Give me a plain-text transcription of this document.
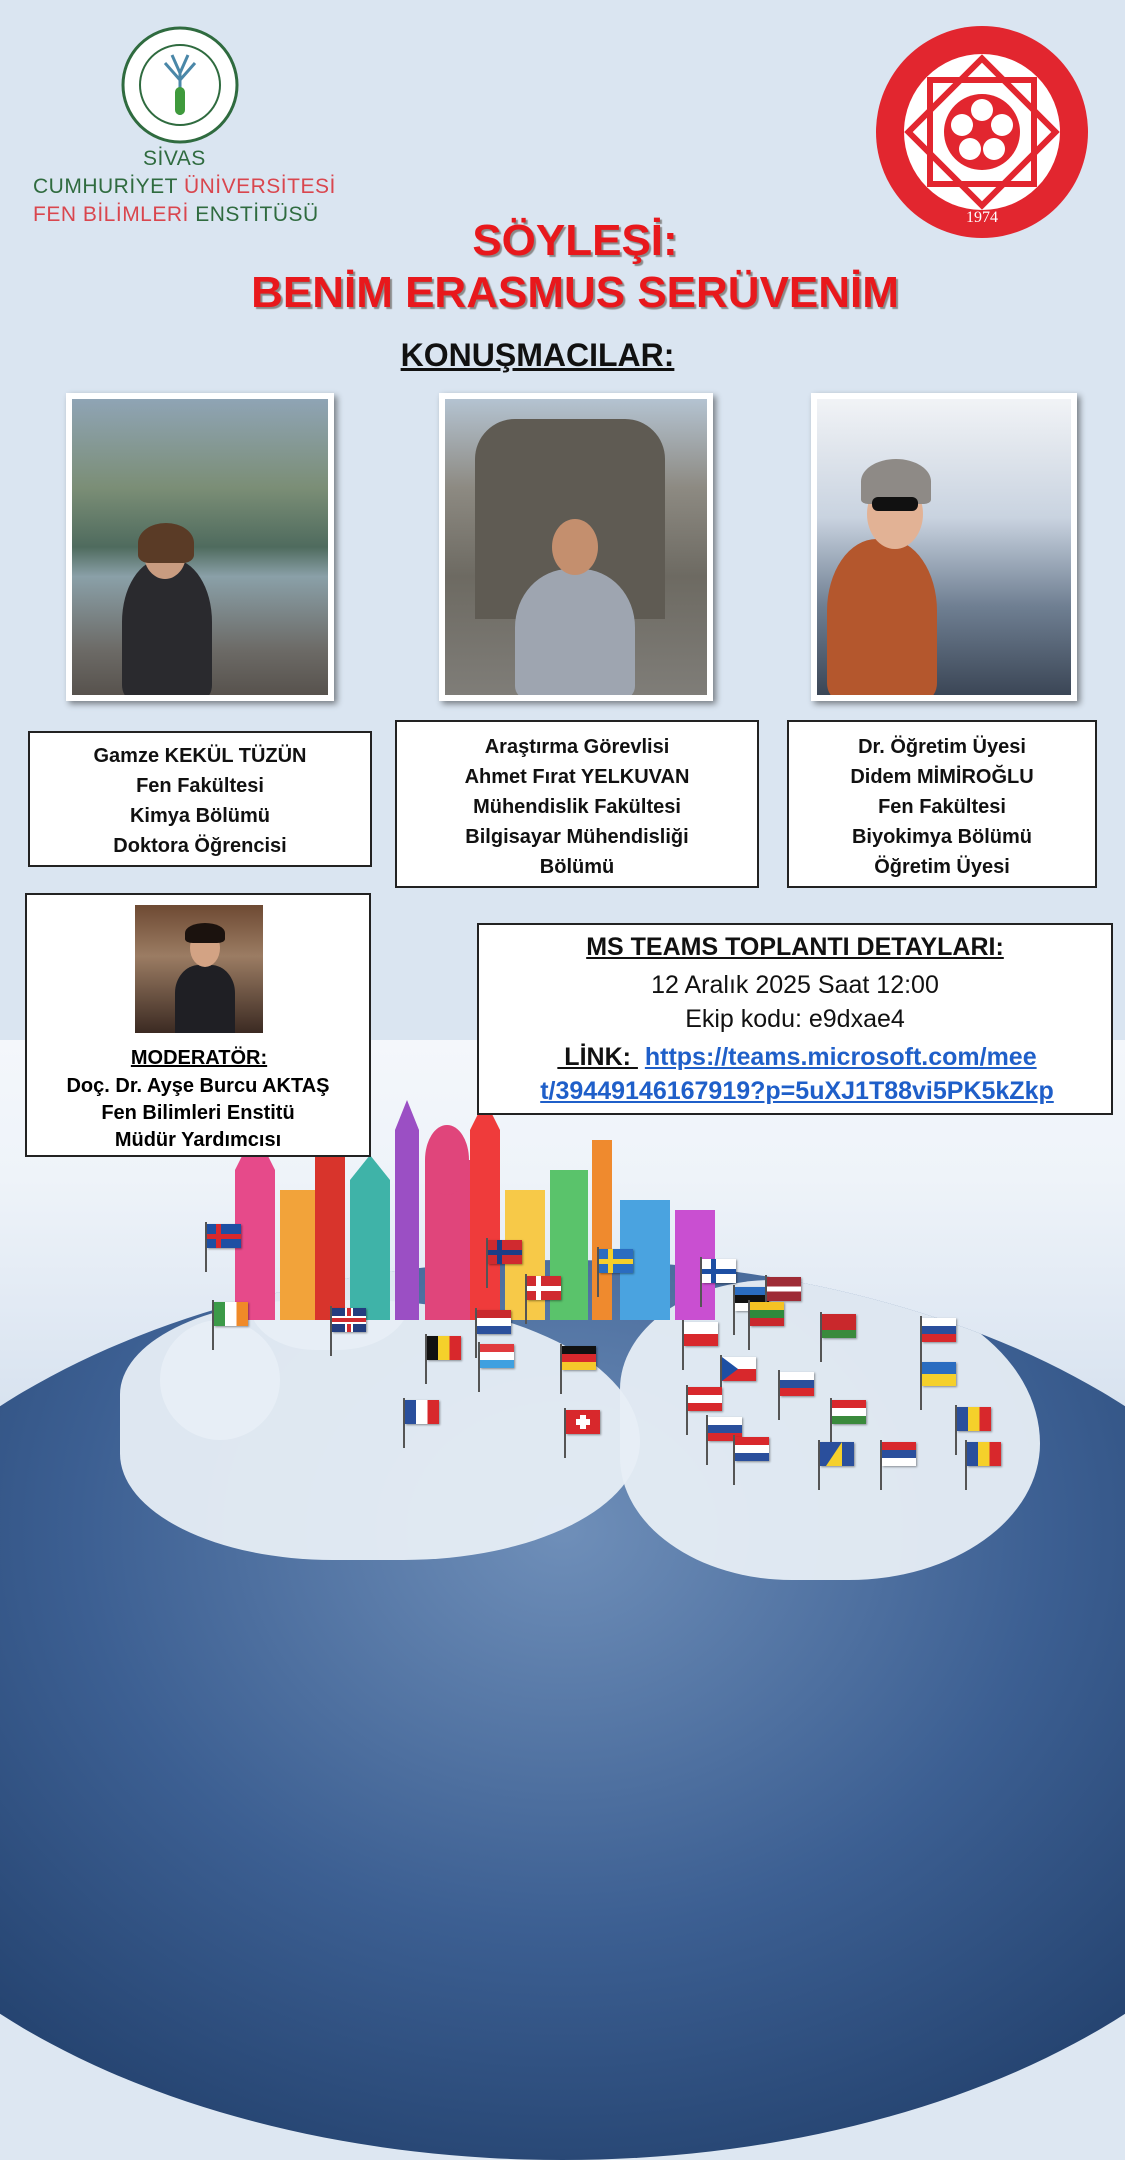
SİVAS
CUMHURİYET ÜNİVERSİTESİ
FEN BİLİMLERİ ENSTİTÜSÜ	1974
SÖYLEŞİ:
BENİM ERASMUS SERÜVENİM
KONUŞMACILAR:
Gamze KEKÜL TÜZÜN
Fen Fakültesi
Kimya Bölümü
Doktora Öğrencisi
Araştırma Görevlisi
Ahmet Fırat YELKUVAN
Mühendislik Fakültesi
Bilgisayar Mühendisliği
Bölümü
Dr. Öğretim Üyesi
Didem MİMİROĞLU
Fen Fakültesi
Biyokimya Bölümü
Öğretim Üyesi
MODERATÖR:
Doç. Dr. Ayşe Burcu AKTAŞ
Fen Bilimleri Enstitü
Müdür Yardımcısı
MS TEAMS TOPLANTI DETAYLARI:
12 Aralık 2025 Saat 12:00
Ekip kodu: e9dxae4
LİNK:  https://teams.microsoft.com/mee
t/39449146167919?p=5uXJ1T88vi5PK5kZkp
